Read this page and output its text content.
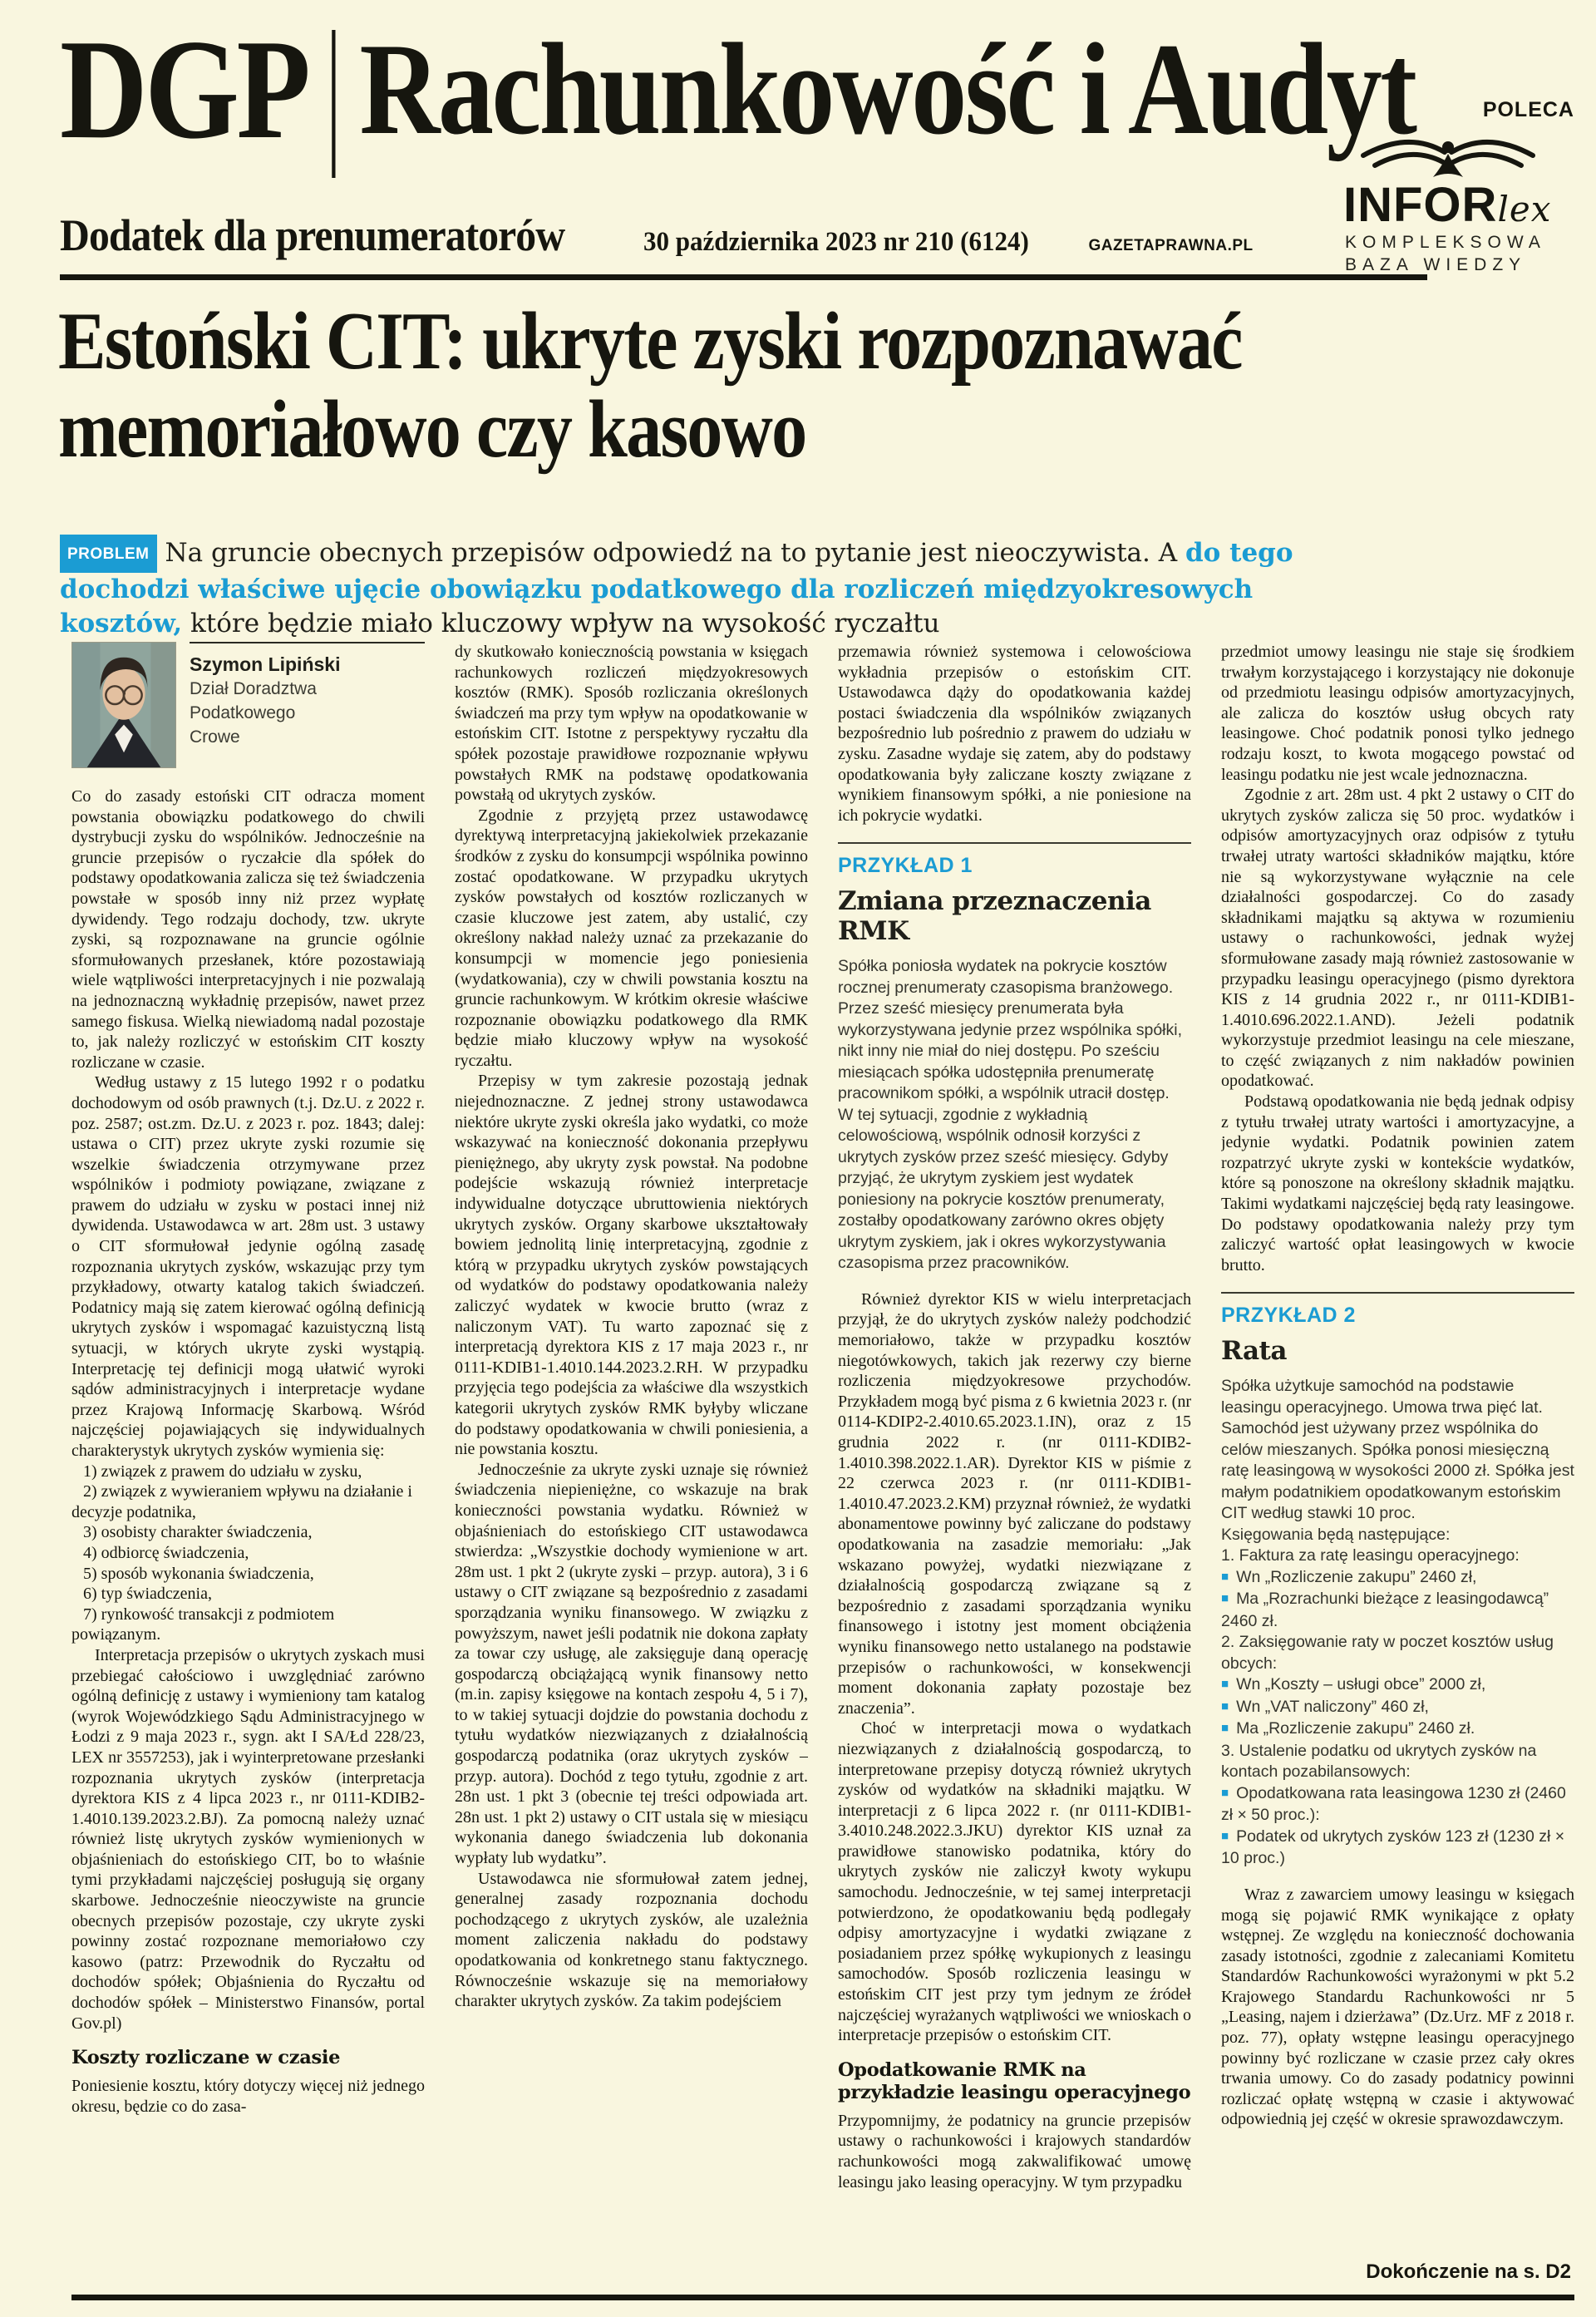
DGP Rachunkowość i Audyt	POLECA
INFORlex
KOMPLEKSOWA
BAZA WIEDZY
Dodatek dla prenumeratorów	30 października 2023 nr 210 (6124)	GAZETAPRAWNA.PL
Estoński CIT: ukryte zyski rozpoznawać
memoriałowo czy kasowo

PROBLEM Na gruncie obecnych przepisów odpowiedź na to pytanie jest nieoczywista. A do tego dochodzi właściwe ujęcie obowiązku podatkowego dla rozliczeń międzyokresowych kosztów, które będzie miało kluczowy wpływ na wysokość ryczałtu

Szymon Lipiński
Dział Doradztwa Podatkowego
Crowe

Co do zasady estoński CIT odracza moment powstania obowiązku podatkowego do chwili dystrybucji zysku do wspólników. Jednocześnie na gruncie przepisów o ryczałcie dla spółek do podstawy opodatkowania zalicza się też świadczenia powstałe w sposób inny niż przez wypłatę dywidendy. Tego rodzaju dochody, tzw. ukryte zyski, są rozpoznawane na gruncie ogólnie sformułowanych przesłanek, które pozostawiają wiele wątpliwości interpretacyjnych i nie pozwalają na jednoznaczną wykładnię przepisów, nawet przez samego fiskusa. Wielką niewiadomą nadal pozostaje to, jak należy rozliczyć w estońskim CIT koszty rozliczane w czasie.

Według ustawy z 15 lutego 1992 r o podatku dochodowym od osób prawnych (t.j. Dz.U. z 2022 r. poz. 2587; ost.zm. Dz.U. z 2023 r. poz. 1843; dalej: ustawa o CIT) przez ukryte zyski rozumie się wszelkie świadczenia otrzymywane przez wspólników i podmioty powiązane, związane z prawem do udziału w zysku w postaci innej niż dywidenda. Ustawodawca w art. 28m ust. 3 ustawy o CIT sformułował jedynie ogólną zasadę rozpoznania ukrytych zysków, wskazując przy tym przykładowy, otwarty katalog takich świadczeń. Podatnicy mają się zatem kierować ogólną definicją ukrytych zysków i wspomagać kazuistyczną listą sytuacji, w których ukryte zyski wystąpią. Interpretację tej definicji mogą ułatwić wyroki sądów administracyjnych i interpretacje wydane przez Krajową Informację Skarbową. Wśród najczęściej pojawiających się indywidualnych charakterystyk ukrytych zysków wymienia się:

1) związek z prawem do udziału w zysku,

2) związek z wywieraniem wpływu na działanie i decyzje podatnika,

3) osobisty charakter świadczenia,

4) odbiorcę świadczenia,

5) sposób wykonania świadczenia,

6) typ świadczenia,

7) rynkowość transakcji z podmiotem powiązanym.

Interpretacja przepisów o ukrytych zyskach musi przebiegać całościowo i uwzględniać zarówno ogólną definicję z ustawy i wymieniony tam katalog (wyrok Wojewódzkiego Sądu Administracyjnego w Łodzi z 9 maja 2023 r., sygn. akt I SA/Łd 228/23, LEX nr 3557253), jak i wyinterpretowane przesłanki rozpoznania ukrytych zysków (interpretacja dyrektora KIS z 4 lipca 2023 r., nr 0111-KDIB2-1.4010.139.2023.2.BJ). Za pomocną należy uznać również listę ukrytych zysków wymienionych w objaśnieniach do estońskiego CIT, bo to właśnie tymi przykładami najczęściej posługują się organy skarbowe. Jednocześnie nieoczywiste na gruncie obecnych przepisów pozostaje, czy ukryte zyski powinny zostać rozpoznane memoriałowo czy kasowo (patrz: Przewodnik do Ryczałtu od dochodów spółek; Objaśnienia do Ryczałtu od dochodów spółek – Ministerstwo Finansów, portal Gov.pl)

Koszty rozliczane w czasie

Poniesienie kosztu, który dotyczy więcej niż jednego okresu, będzie co do zasa-

dy skutkowało koniecznością powstania w księgach rachunkowych rozliczeń międzyokresowych kosztów (RMK). Sposób rozliczania określonych świadczeń ma przy tym wpływ na opodatkowanie w estońskim CIT. Istotne z perspektywy ryczałtu dla spółek pozostaje prawidłowe rozpoznanie wpływu powstałych RMK na podstawę opodatkowania powstałą od ukrytych zysków.

Zgodnie z przyjętą przez ustawodawcę dyrektywą interpretacyjną jakiekolwiek przekazanie środków z zysku do konsumpcji wspólnika powinno zostać opodatkowane. W przypadku ukrytych zysków powstałych od kosztów rozliczanych w czasie kluczowe jest zatem, aby ustalić, czy określony nakład należy uznać za przekazanie do konsumpcji w momencie jego poniesienia (wydatkowania), czy w chwili powstania kosztu na gruncie rachunkowym. W krótkim okresie właściwe rozpoznanie obowiązku podatkowego dla RMK będzie miało kluczowy wpływ na wysokość ryczałtu.

Przepisy w tym zakresie pozostają jednak niejednoznaczne. Z jednej strony ustawodawca niektóre ukryte zyski określa jako wydatki, co może wskazywać na konieczność dokonania przepływu pieniężnego, aby ukryty zysk powstał. Na podobne podejście wskazują również interpretacje indywidualne dotyczące ubruttowienia niektórych ukrytych zysków. Organy skarbowe ukształtowały bowiem jednolitą linię interpretacyjną, zgodnie z którą w przypadku ukrytych zysków powstających od wydatków do podstawy opodatkowania należy zaliczyć wydatek w kwocie brutto (wraz z naliczonym VAT). Tu warto zapoznać się z interpretacją dyrektora KIS z 17 maja 2023 r., nr 0111-KDIB1-1.4010.144.2023.2.RH. W przypadku przyjęcia tego podejścia za właściwe dla wszystkich kategorii ukrytych zysków RMK byłyby wliczane do podstawy opodatkowania w chwili poniesienia, a nie powstania kosztu.

Jednocześnie za ukryte zyski uznaje się również świadczenia niepieniężne, co wskazuje na brak konieczności powstania wydatku. Również w objaśnieniach do estońskiego CIT ustawodawca stwierdza: „Wszystkie dochody wymienione w art. 28m ust. 1 pkt 2 (ukryte zyski – przyp. autora), 3 i 6 ustawy o CIT związane są bezpośrednio z zasadami sporządzania wyniku finansowego. W związku z powyższym, nawet jeśli podatnik nie dokona zapłaty za towar czy usługę, ale zaksięguje daną operację gospodarczą obciążającą wynik finansowy netto (m.in. zapisy księgowe na kontach zespołu 4, 5 i 7), to w takiej sytuacji dojdzie do powstania dochodu z tytułu wydatków niezwiązanych z działalnością gospodarczą podatnika (oraz ukrytych zysków – przyp. autora). Dochód z tego tytułu, zgodnie z art. 28n ust. 1 pkt 3 (obecnie tej treści odpowiada art. 28n ust. 1 pkt 2) ustawy o CIT ustala się w miesiącu wykonania danego świadczenia lub dokonania wypłaty lub wydatku”.

Ustawodawca nie sformułował zatem jednej, generalnej zasady rozpoznania dochodu pochodzącego z ukrytych zysków, ale uzależnia moment zaliczenia nakładu do podstawy opodatkowania od konkretnego stanu faktycznego. Równocześnie wskazuje się na memoriałowy charakter ukrytych zysków. Za takim podejściem

przemawia również systemowa i celowościowa wykładnia przepisów o estońskim CIT. Ustawodawca dąży do opodatkowania każdej postaci świadczenia dla wspólników związanych bezpośrednio lub pośrednio z prawem do udziału w zysku. Zasadne wydaje się zatem, aby do podstawy opodatkowania były zaliczane koszty związane z wynikiem finansowym spółki, a nie poniesione na ich pokrycie wydatki.

PRZYKŁAD 1
Zmiana przeznaczenia RMK

Spółka poniosła wydatek na pokrycie kosztów rocznej prenumeraty czasopisma branżowego. Przez sześć miesięcy prenumerata była wykorzystywana jedynie przez wspólnika spółki, nikt inny nie miał do niej dostępu. Po sześciu miesiącach spółka udostępniła prenumeratę pracownikom spółki, a wspólnik utracił dostęp.

W tej sytuacji, zgodnie z wykładnią celowościową, wspólnik odnosił korzyści z ukrytych zysków przez sześć miesięcy. Gdyby przyjąć, że ukrytym zyskiem jest wydatek poniesiony na pokrycie kosztów prenumeraty, zostałby opodatkowany zarówno okres objęty ukrytym zyskiem, jak i okres wykorzystywania czasopisma przez pracowników.

Również dyrektor KIS w wielu interpretacjach przyjął, że do ukrytych zysków należy podchodzić memoriałowo, także w przypadku kosztów niegotówkowych, takich jak rezerwy czy bierne rozliczenia międzyokresowe przychodów. Przykładem mogą być pisma z 6 kwietnia 2023 r. (nr 0114-KDIP2-2.4010.65.2023.1.IN), oraz z 15 grudnia 2022 r. (nr 0111-KDIB2-1.4010.398.2022.1.AR). Dyrektor KIS w piśmie z 22 czerwca 2023 r. (nr 0111-KDIB1-1.4010.47.2023.2.KM) przyznał również, że wydatki abonamentowe powinny być zaliczane do podstawy opodatkowania na zasadzie memoriału: „Jak wskazano powyżej, wydatki niezwiązane z działalnością gospodarczą związane są z bezpośrednio z zasadami sporządzania wyniku finansowego i istotny jest moment obciążenia wyniku finansowego netto ustalanego na podstawie przepisów o rachunkowości, w konsekwencji moment dokonania zapłaty pozostaje bez znaczenia”.

Choć w interpretacji mowa o wydatkach niezwiązanych z działalnością gospodarczą, to interpretowane przepisy dotyczą również ukrytych zysków od wydatków na składniki majątku. W interpretacji z 6 lipca 2022 r. (nr 0111-KDIB1-3.4010.248.2022.3.JKU) dyrektor KIS uznał za prawidłowe stanowisko podatnika, który do ukrytych zysków nie zaliczył kwoty wykupu samochodu. Jednocześnie, w tej samej interpretacji potwierdzono, że opodatkowaniu będą podlegały odpisy amortyzacyjne i wydatki związane z posiadaniem przez spółkę wykupionych z leasingu samochodów. Sposób rozliczenia leasingu w estońskim CIT jest przy tym jednym ze źródeł najczęściej wyrażanych wątpliwości we wnioskach o interpretacje przepisów o estońskim CIT.

Opodatkowanie RMK na przykładzie leasingu operacyjnego

Przypomnijmy, że podatnicy na gruncie przepisów ustawy o rachunkowości i krajowych standardów rachunkowości mogą zakwalifikować umowę leasingu jako leasing operacyjny. W tym przypadku

przedmiot umowy leasingu nie staje się środkiem trwałym korzystającego i korzystający nie dokonuje od przedmiotu leasingu odpisów amortyzacyjnych, ale zalicza do kosztów usług obcych raty leasingowe. Choć podatnik ponosi tylko jednego rodzaju koszt, to kwota mogącego powstać od leasingu podatku nie jest wcale jednoznaczna.

Zgodnie z art. 28m ust. 4 pkt 2 ustawy o CIT do ukrytych zysków zalicza się 50 proc. wydatków i odpisów amortyzacyjnych oraz odpisów z tytułu trwałej utraty wartości składników majątku, które nie są wykorzystywane wyłącznie na cele działalności gospodarczej. Co do zasady składnikami majątku są aktywa w rozumieniu ustawy o rachunkowości, jednak wyżej sformułowane zasady mają również zastosowanie w przypadku leasingu operacyjnego (pismo dyrektora KIS z 14 grudnia 2022 r., nr 0111-KDIB1-1.4010.696.2022.1.AND). Jeżeli podatnik wykorzystuje przedmiot leasingu na cele mieszane, to część związanych z nim nakładów powinien opodatkować.

Podstawą opodatkowania nie będą jednak odpisy z tytułu trwałej utraty wartości i amortyzacyjne, a jedynie wydatki. Podatnik powinien zatem rozpatrzyć ukryte zyski w kontekście wydatków, które są ponoszone na określony składnik majątku. Takimi wydatkami najczęściej będą raty leasingowe. Do podstawy opodatkowania należy przy tym zaliczyć wartość opłat leasingowych w kwocie brutto.

PRZYKŁAD 2
Rata

Spółka użytkuje samochód na podstawie leasingu operacyjnego. Umowa trwa pięć lat. Samochód jest używany przez wspólnika do celów mieszanych. Spółka ponosi miesięczną ratę leasingową w wysokości 2000 zł. Spółka jest małym podatnikiem opodatkowanym estońskim CIT według stawki 10 proc.

Księgowania będą następujące:

1. Faktura za ratę leasingu operacyjnego:

■ Wn „Rozliczenie zakupu” 2460 zł,

■ Ma „Rozrachunki bieżące z leasingodawcą” 2460 zł.

2. Zaksięgowanie raty w poczet kosztów usług obcych:

■ Wn „Koszty – usługi obce” 2000 zł,

■ Wn „VAT naliczony” 460 zł,

■ Ma „Rozliczenie zakupu” 2460 zł.

3. Ustalenie podatku od ukrytych zysków na kontach pozabilansowych:

■ Opodatkowana rata leasingowa 1230 zł (2460 zł × 50 proc.):

■ Podatek od ukrytych zysków 123 zł (1230 zł × 10 proc.)

Wraz z zawarciem umowy leasingu w księgach mogą się pojawić RMK wynikające z opłaty wstępnej. Ze względu na konieczność dochowania zasady istotności, zgodnie z zalecaniami Komitetu Standardów Rachunkowości wyrażonymi w pkt 5.2 Krajowego Standardu Rachunkowości nr 5 „Leasing, najem i dzierżawa” (Dz.Urz. MF z 2018 r. poz. 77), opłaty wstępne leasingu operacyjnego powinny być rozliczane w czasie przez cały okres trwania umowy. Co do zasady podatnicy powinni rozliczać opłatę wstępną w czasie i aktywować odpowiednią jej część w okresie sprawozdawczym.

Dokończenie na s. D2
